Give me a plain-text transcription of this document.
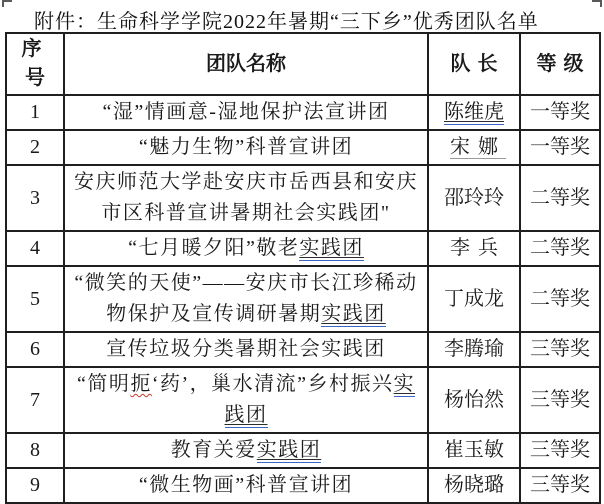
附件：生命科学学院2022年暑期“三下乡”优秀团队名单
序号	团队名称	队长	等级
1	“湿”情画意-湿地保护法宣讲团	陈维虎	一等奖
2	“魅力生物”科普宣讲团	宋娜	一等奖
3	安庆师范大学赴安庆市岳西县和安庆市区科普宣讲暑期社会实践团"	邵玲玲	二等奖
4	“七月暖夕阳”敬老实践团	李兵	二等奖
5	“微笑的天使”——安庆市长江珍稀动物保护及宣传调研暑期实践团	丁成龙	二等奖
6	宣传垃圾分类暑期社会实践团	李腾瑜	三等奖
7	“简明扼‘药’，巢水清流”乡村振兴实践团	杨怡然	三等奖
8	教育关爱实践团	崔玉敏	三等奖
9	“微生物画”科普宣讲团	杨晓璐	三等奖
